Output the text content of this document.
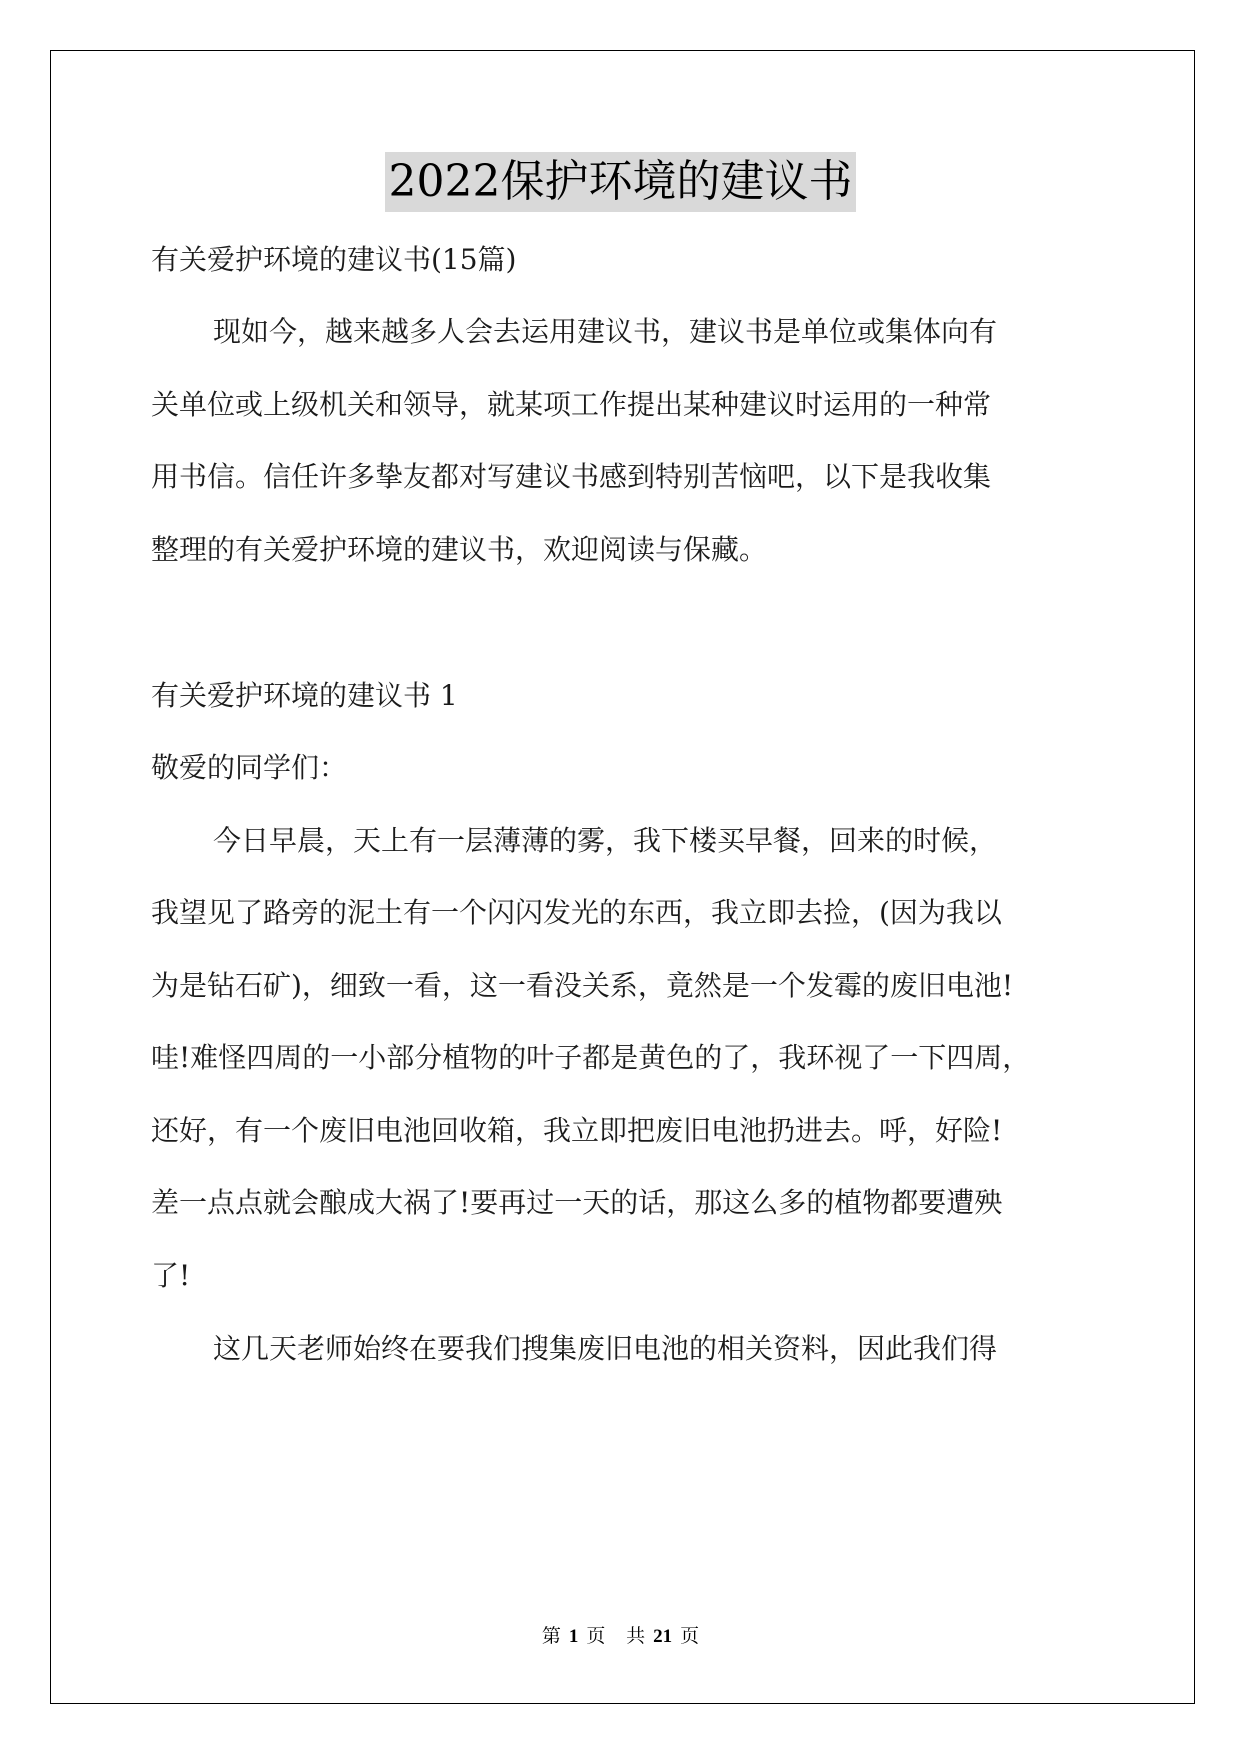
2022保护环境的建议书
有关爱护环境的建议书(15篇)
现如今，越来越多人会去运用建议书，建议书是单位或集体向有
关单位或上级机关和领导，就某项工作提出某种建议时运用的一种常
用书信。信任许多挚友都对写建议书感到特别苦恼吧，以下是我收集
整理的有关爱护环境的建议书，欢迎阅读与保藏。
有关爱护环境的建议书 1
敬爱的同学们：
今日早晨，天上有一层薄薄的雾，我下楼买早餐，回来的时候，
我望见了路旁的泥土有一个闪闪发光的东西，我立即去捡，(因为我以
为是钻石矿)，细致一看，这一看没关系，竟然是一个发霉的废旧电池!
哇!难怪四周的一小部分植物的叶子都是黄色的了，我环视了一下四周，
还好，有一个废旧电池回收箱，我立即把废旧电池扔进去。呼，好险!
差一点点就会酿成大祸了!要再过一天的话，那这么多的植物都要遭殃
了!
这几天老师始终在要我们搜集废旧电池的相关资料，因此我们得
第 1 页 共 21 页
